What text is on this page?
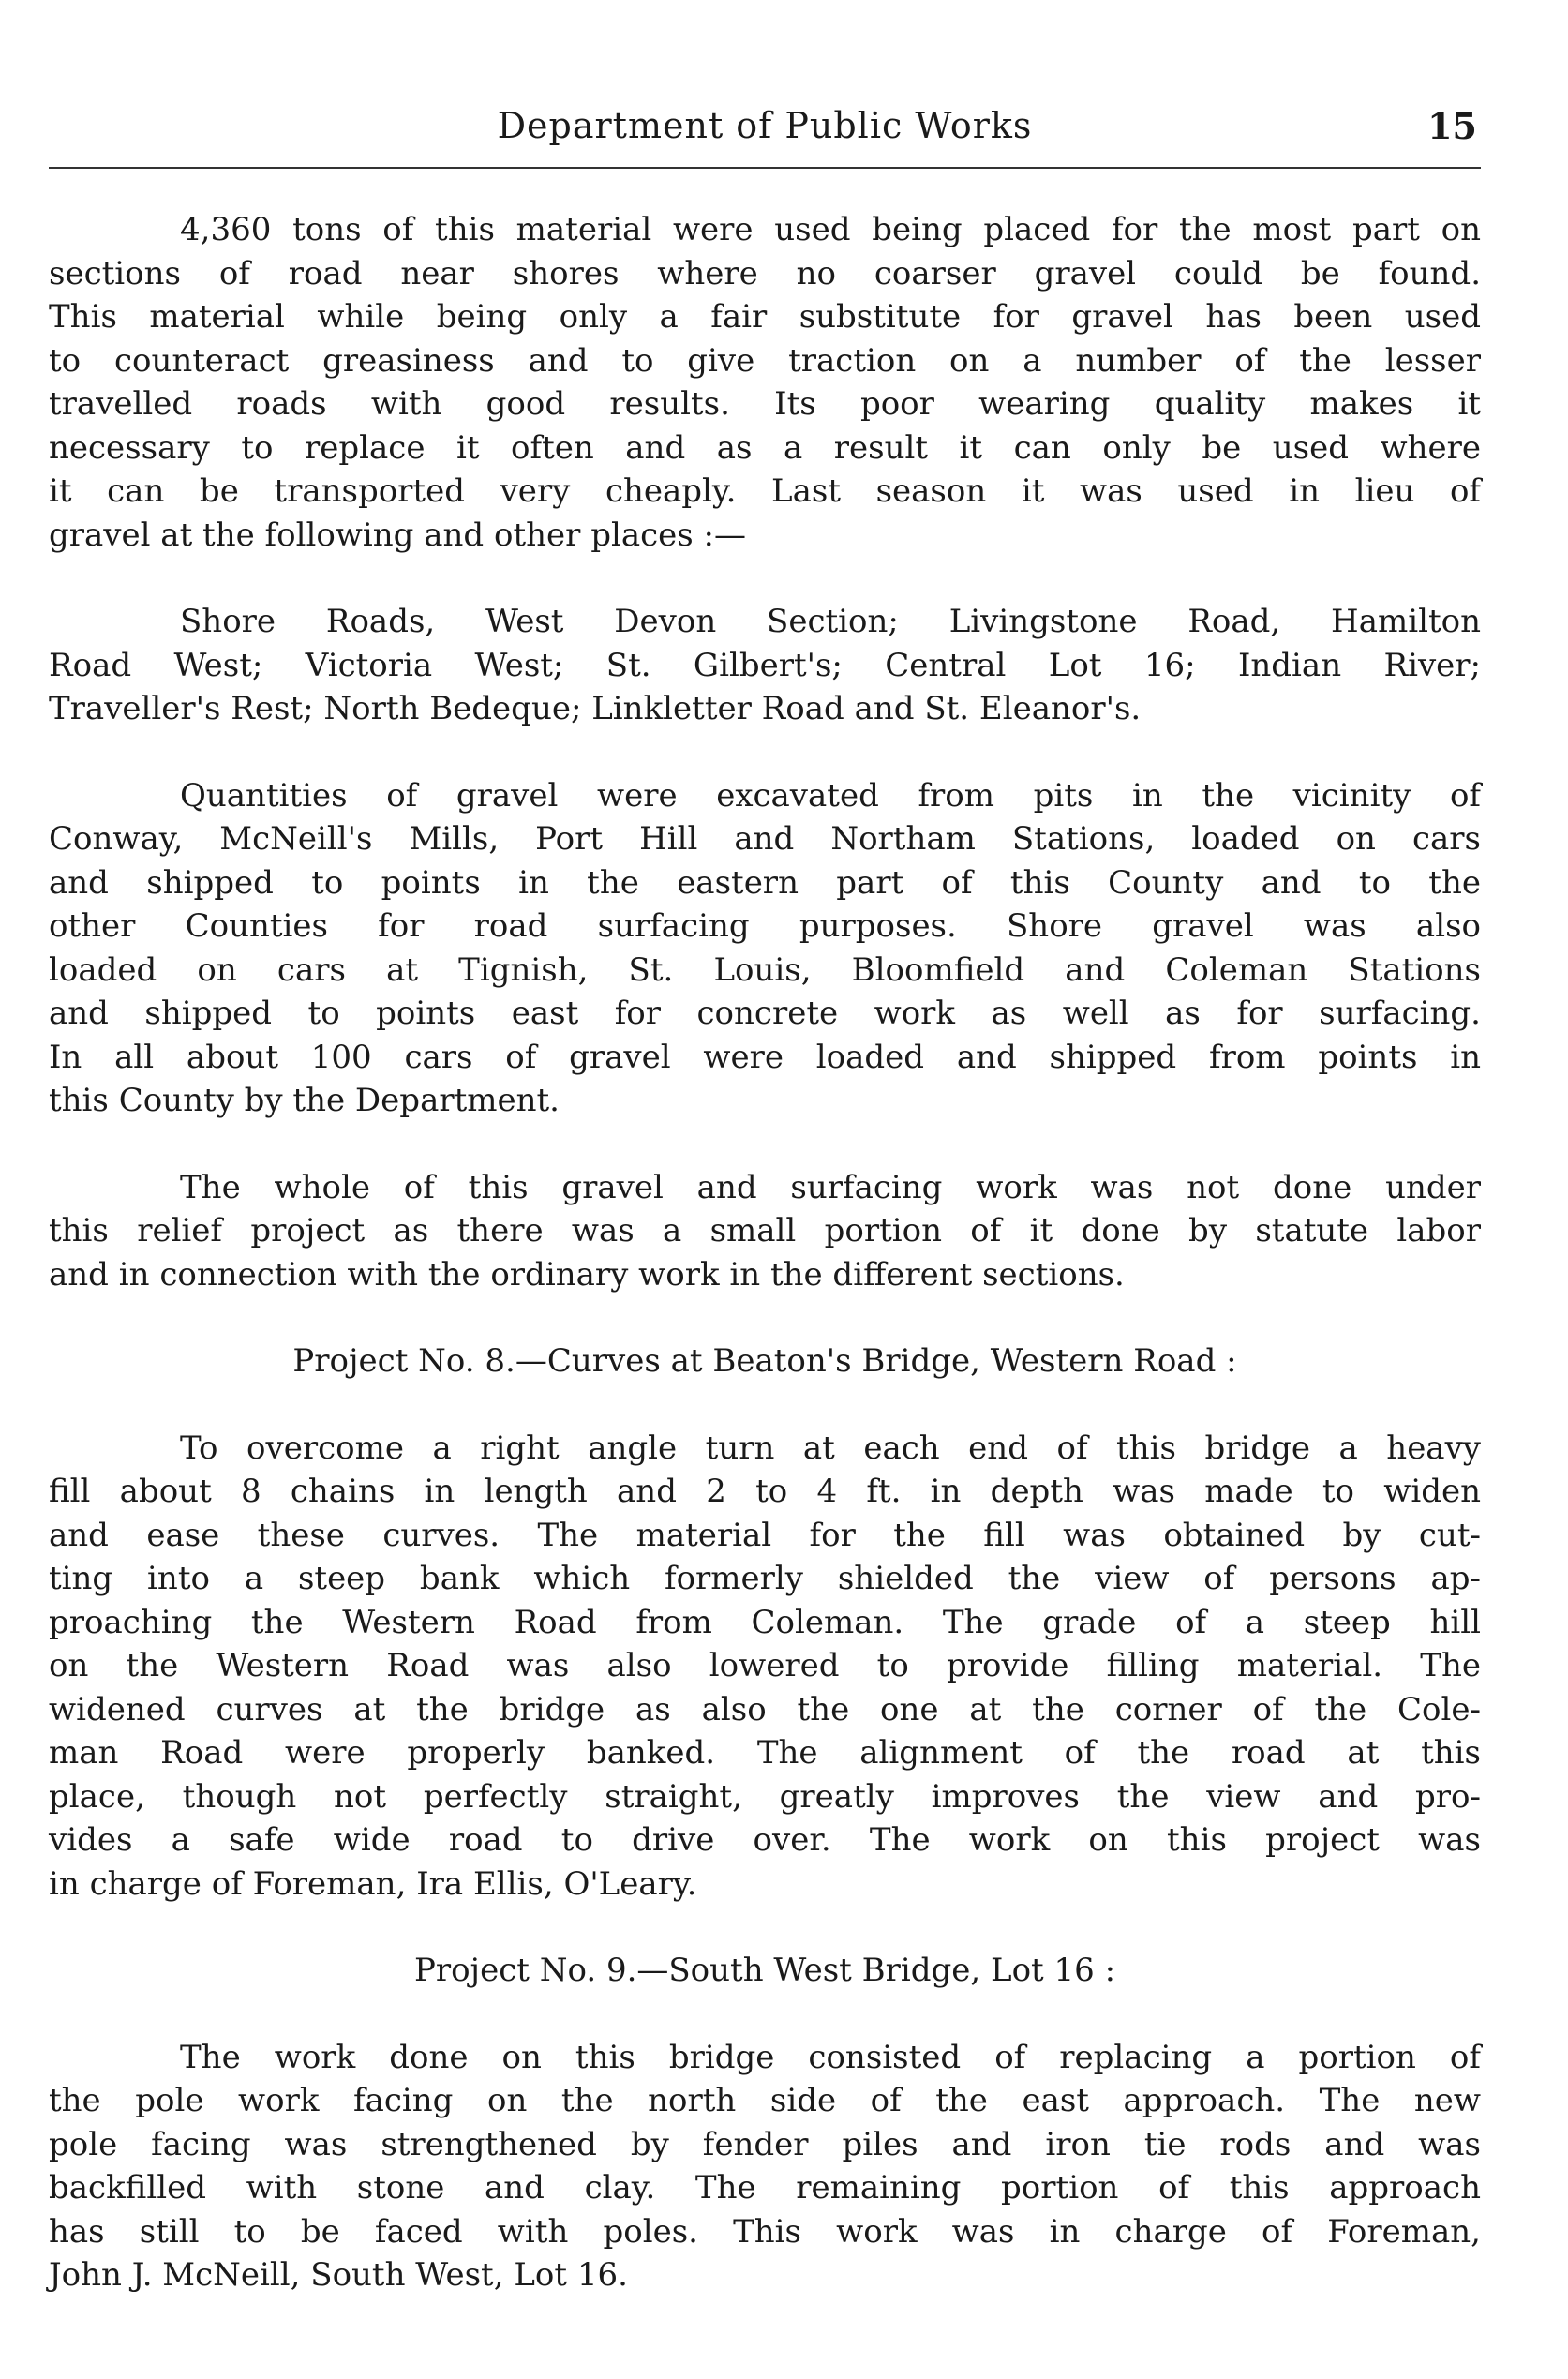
Department of Public Works	15

4,360 tons of this material were used being placed for the most part on
sections of road near shores where no coarser gravel could be found.
This material while being only a fair substitute for gravel has been used
to counteract greasiness and to give traction on a number of the lesser
travelled roads with good results. Its poor wearing quality makes it
necessary to replace it often and as a result it can only be used where
it can be transported very cheaply. Last season it was used in lieu of
gravel at the following and other places :—

Shore Roads, West Devon Section; Livingstone Road, Hamilton
Road West; Victoria West; St. Gilbert's; Central Lot 16; Indian River;
Traveller's Rest; North Bedeque; Linkletter Road and St. Eleanor's.

Quantities of gravel were excavated from pits in the vicinity of
Conway, McNeill's Mills, Port Hill and Northam Stations, loaded on cars
and shipped to points in the eastern part of this County and to the
other Counties for road surfacing purposes. Shore gravel was also
loaded on cars at Tignish, St. Louis, Bloomfield and Coleman Stations
and shipped to points east for concrete work as well as for surfacing.
In all about 100 cars of gravel were loaded and shipped from points in
this County by the Department.

The whole of this gravel and surfacing work was not done under
this relief project as there was a small portion of it done by statute labor
and in connection with the ordinary work in the different sections.

Project No. 8.—Curves at Beaton's Bridge, Western Road :

To overcome a right angle turn at each end of this bridge a heavy
fill about 8 chains in length and 2 to 4 ft. in depth was made to widen
and ease these curves. The material for the fill was obtained by cut-
ting into a steep bank which formerly shielded the view of persons ap-
proaching the Western Road from Coleman. The grade of a steep hill
on the Western Road was also lowered to provide filling material. The
widened curves at the bridge as also the one at the corner of the Cole-
man Road were properly banked. The alignment of the road at this
place, though not perfectly straight, greatly improves the view and pro-
vides a safe wide road to drive over. The work on this project was
in charge of Foreman, Ira Ellis, O'Leary.

Project No. 9.—South West Bridge, Lot 16 :

The work done on this bridge consisted of replacing a portion of
the pole work facing on the north side of the east approach. The new
pole facing was strengthened by fender piles and iron tie rods and was
backfilled with stone and clay. The remaining portion of this approach
has still to be faced with poles. This work was in charge of Foreman,
John J. McNeill, South West, Lot 16.
